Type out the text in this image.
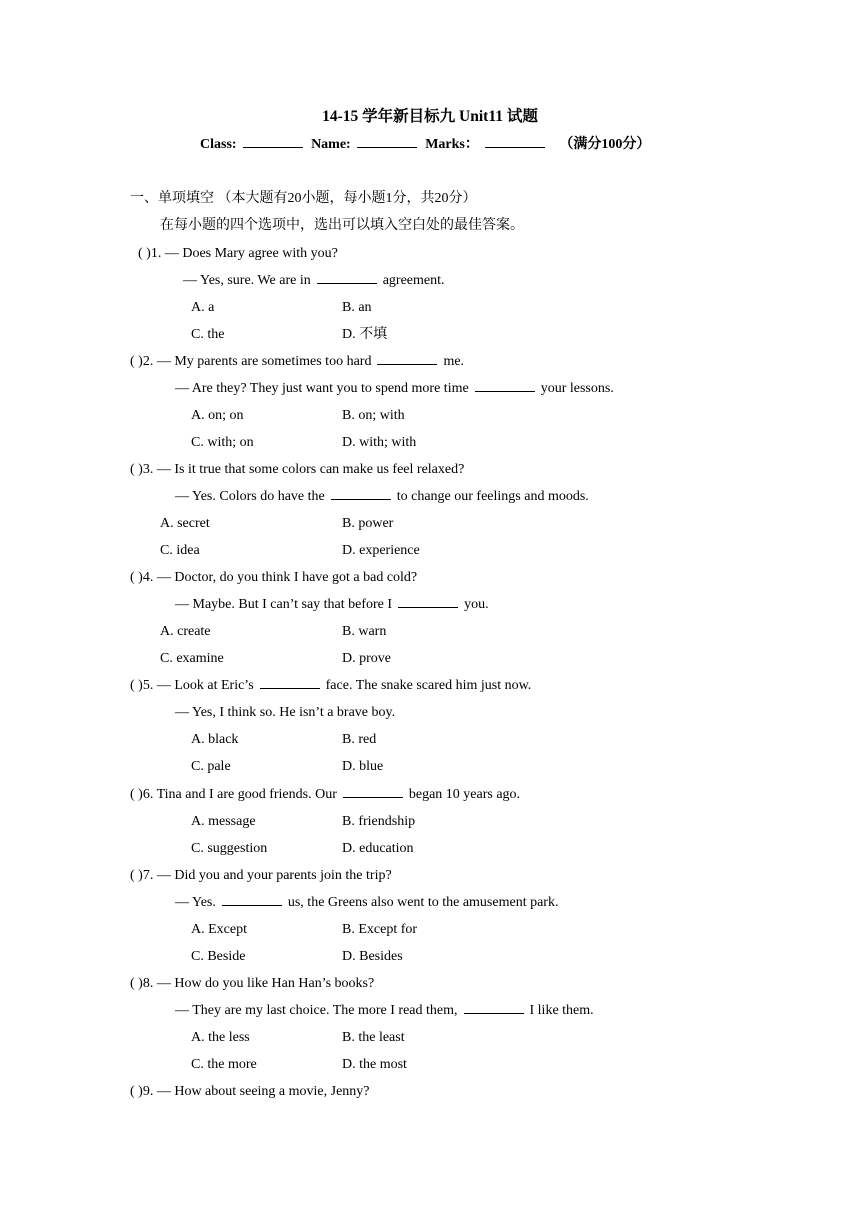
14-15 学年新目标九 Unit11 试题
Class:	Name:	Marks：	（满分100分）
一、单项填空 （本大题有20小题，每小题1分，共20分）
在每小题的四个选项中，选出可以填入空白处的最佳答案。
( )1. — Does Mary agree with you?
— Yes, sure. We are in	agreement.
A. a	B. an
C. the	D. 不填
( )2. — My parents are sometimes too hard	me.
— Are they? They just want you to spend more time	your lessons.
A. on; on	B. on; with
C. with; on	D. with; with
( )3. — Is it true that some colors can make us feel relaxed?
— Yes. Colors do have the	to change our feelings and moods.
A. secret	B. power
C. idea	D. experience
( )4. — Doctor, do you think I have got a bad cold?
— Maybe. But I can’t say that before I	you.
A. create	B. warn
C. examine	D. prove
( )5. — Look at Eric’s	face. The snake scared him just now.
— Yes, I think so. He isn’t a brave boy.
A. black	B. red
C. pale	D. blue
( )6. Tina and I are good friends. Our	began 10 years ago.
A. message	B. friendship
C. suggestion	D. education
( )7. — Did you and your parents join the trip?
— Yes.	us, the Greens also went to the amusement park.
A. Except	B. Except for
C. Beside	D. Besides
( )8. — How do you like Han Han’s books?
— They are my last choice. The more I read them,	I like them.
A. the less	B. the least
C. the more	D. the most
( )9. — How about seeing a movie, Jenny?
